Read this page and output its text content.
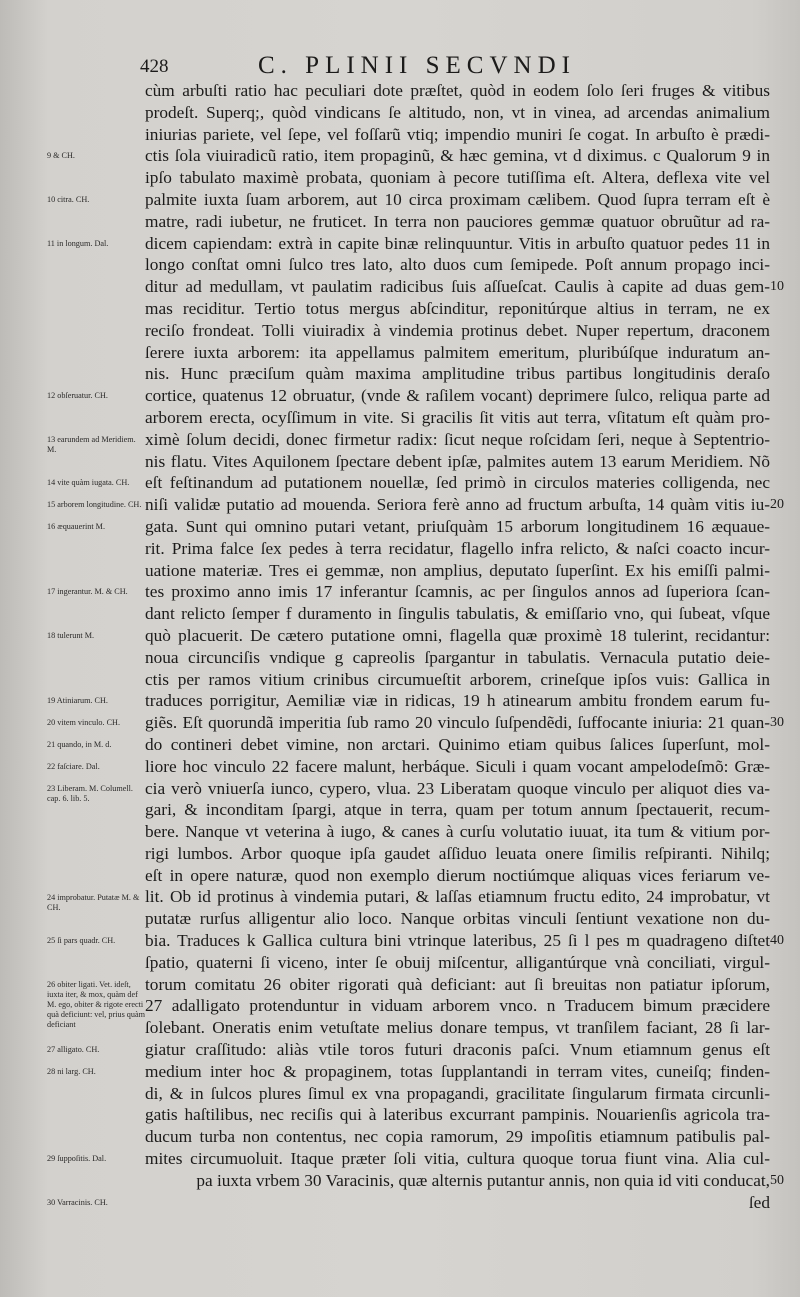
428	C. PLINII SECVNDI
cùm arbuſti ratio hac peculiari dote præſtet, quòd in eodem ſolo ſeri fruges & vitibus
prodeſt. Superq;, quòd vindicans ſe altitudo, non, vt in vinea, ad arcendas animalium
iniurias pariete, vel ſepe, vel foſſarũ vtiq; impendio muniri ſe cogat. In arbuſto è prædi-
ctis ſola viuiradicũ ratio, item propaginũ, & hæc gemina, vt d diximus. c Qualorum 9 in
ipſo tabulato maximè probata, quoniam à pecore tutiſſima eſt. Altera, deflexa vite vel
palmite iuxta ſuam arborem, aut 10 circa proximam cælibem. Quod ſupra terram eſt è
matre, radi iubetur, ne fruticet. In terra non pauciores gemmæ quatuor obruũtur ad ra-
dicem capiendam: extrà in capite binæ relinquuntur. Vitis in arbuſto quatuor pedes 11 in
longo conſtat omni ſulco tres lato, alto duos cum ſemipede. Poſt annum propago inci-
ditur ad medullam, vt paulatim radicibus ſuis aſſueſcat. Caulis à capite ad duas gem-
mas reciditur. Tertio totus mergus abſcinditur, reponitúrque altius in terram, ne ex
reciſo frondeat. Tolli viuiradix à vindemia protinus debet. Nuper repertum, draconem
ſerere iuxta arborem: ita appellamus palmitem emeritum, pluribúſque induratum an-
nis. Hunc præciſum quàm maxima amplitudine tribus partibus longitudinis deraſo
cortice, quatenus 12 obruatur, (vnde & raſilem vocant) deprimere ſulco, reliqua parte ad
arborem erecta, ocyſſimum in vite. Si gracilis ſit vitis aut terra, vſitatum eſt quàm pro-
ximè ſolum decidi, donec firmetur radix: ſicut neque roſcidam ſeri, neque à Septentrio-
nis flatu. Vites Aquilonem ſpectare debent ipſæ, palmites autem 13 earum Meridiem. Nõ
eſt feſtinandum ad putationem nouellæ, ſed primò in circulos materies colligenda, nec
niſi validæ putatio ad mouenda. Seriora ferè anno ad fructum arbuſta, 14 quàm vitis iu-
gata. Sunt qui omnino putari vetant, priuſquàm 15 arborum longitudinem 16 æquaue-
rit. Prima falce ſex pedes à terra recidatur, flagello infra relicto, & naſci coacto incur-
uatione materiæ. Tres ei gemmæ, non amplius, deputato ſuperſint. Ex his emiſſi palmi-
tes proximo anno imis 17 inferantur ſcamnis, ac per ſingulos annos ad ſuperiora ſcan-
dant relicto ſemper f duramento in ſingulis tabulatis, & emiſſario vno, qui ſubeat, vſque
quò placuerit. De cætero putatione omni, flagella quæ proximè 18 tulerint, recidantur:
noua circunciſis vndique g capreolis ſpargantur in tabulatis. Vernacula putatio deie-
ctis per ramos vitium crinibus circumueſtit arborem, crineſque ipſos vuis: Gallica in
traduces porrigitur, Aemiliæ viæ in ridicas, 19 h atinearum ambitu frondem earum fu-
giẽs. Eſt quorundã imperitia ſub ramo 20 vinculo ſuſpendẽdi, ſuffocante iniuria: 21 quan-
do contineri debet vimine, non arctari. Quinimo etiam quibus ſalices ſuperſunt, mol-
liore hoc vinculo 22 facere malunt, herbáque. Siculi i quam vocant ampelodeſmõ: Græ-
cia verò vniuerſa iunco, cypero, vlua. 23 Liberatam quoque vinculo per aliquot dies va-
gari, & inconditam ſpargi, atque in terra, quam per totum annum ſpectauerit, recum-
bere. Nanque vt veterina à iugo, & canes à curſu volutatio iuuat, ita tum & vitium por-
rigi lumbos. Arbor quoque ipſa gaudet aſſiduo leuata onere ſimilis reſpiranti. Nihilq;
eſt in opere naturæ, quod non exemplo dierum noctiúmque aliquas vices feriarum ve-
lit. Ob id protinus à vindemia putari, & laſſas etiamnum fructu edito, 24 improbatur, vt
putatæ rurſus alligentur alio loco. Nanque orbitas vinculi ſentiunt vexatione non du-
bia. Traduces k Gallica cultura bini vtrinque lateribus, 25 ſi l pes m quadrageno diſtet
ſpatio, quaterni ſi viceno, inter ſe obuij miſcentur, alligantúrque vnà conciliati, virgul-
torum comitatu 26 obiter rigorati quà deficiant: aut ſi breuitas non patiatur ipſorum,
27 adalligato protenduntur in viduam arborem vnco. n Traducem bimum præcidere
ſolebant. Oneratis enim vetuſtate melius donare tempus, vt tranſilem faciant, 28 ſi lar-
giatur craſſitudo: aliàs vtile toros futuri draconis paſci. Vnum etiamnum genus eſt
medium inter hoc & propaginem, totas ſupplantandi in terram vites, cuneiſq; finden-
di, & in ſulcos plures ſimul ex vna propagandi, gracilitate ſingularum firmata circunli-
gatis haſtilibus, nec reciſis qui à lateribus excurrant pampinis. Nouarienſis agricola tra-
ducum turba non contentus, nec copia ramorum, 29 impoſitis etiamnum patibulis pal-
mites circumuoluit. Itaque præter ſoli vitia, cultura quoque torua fiunt vina. Alia cul-
pa iuxta vrbem 30 Varacinis, quæ alternis putantur annis, non quia id viti conducat,
ſed
9 & CH.
10 citra. CH.
11 in longum. Dal.
12 obſeruatur. CH.
13 earundem ad Meridiem. M.
14 vite quàm iugata. CH.
15 arborem longitudine. CH.
16 æquauerint M.
17 ingerantur. M. & CH.
18 tulerunt M.
19 Atiniarum. CH.
20 vitem vinculo. CH.
21 quando, in M. d.
22 faſciare. Dal.
23 Liberam. M. Columell. cap. 6. lib. 5.
24 improbatur. Putatæ M. & CH.
25 ſi pars quadr. CH.
26 obiter ligati. Vet. ideſt, iuxta iter, & mox, quàm def M. ego, obiter & rigote erecti quà deficiunt: vel, prius quàm deficiant
27 alligato. CH.
28 ni larg. CH.
29 ſuppoſitis. Dal.
30 Varracinis. CH.
10
20
30
40
50
